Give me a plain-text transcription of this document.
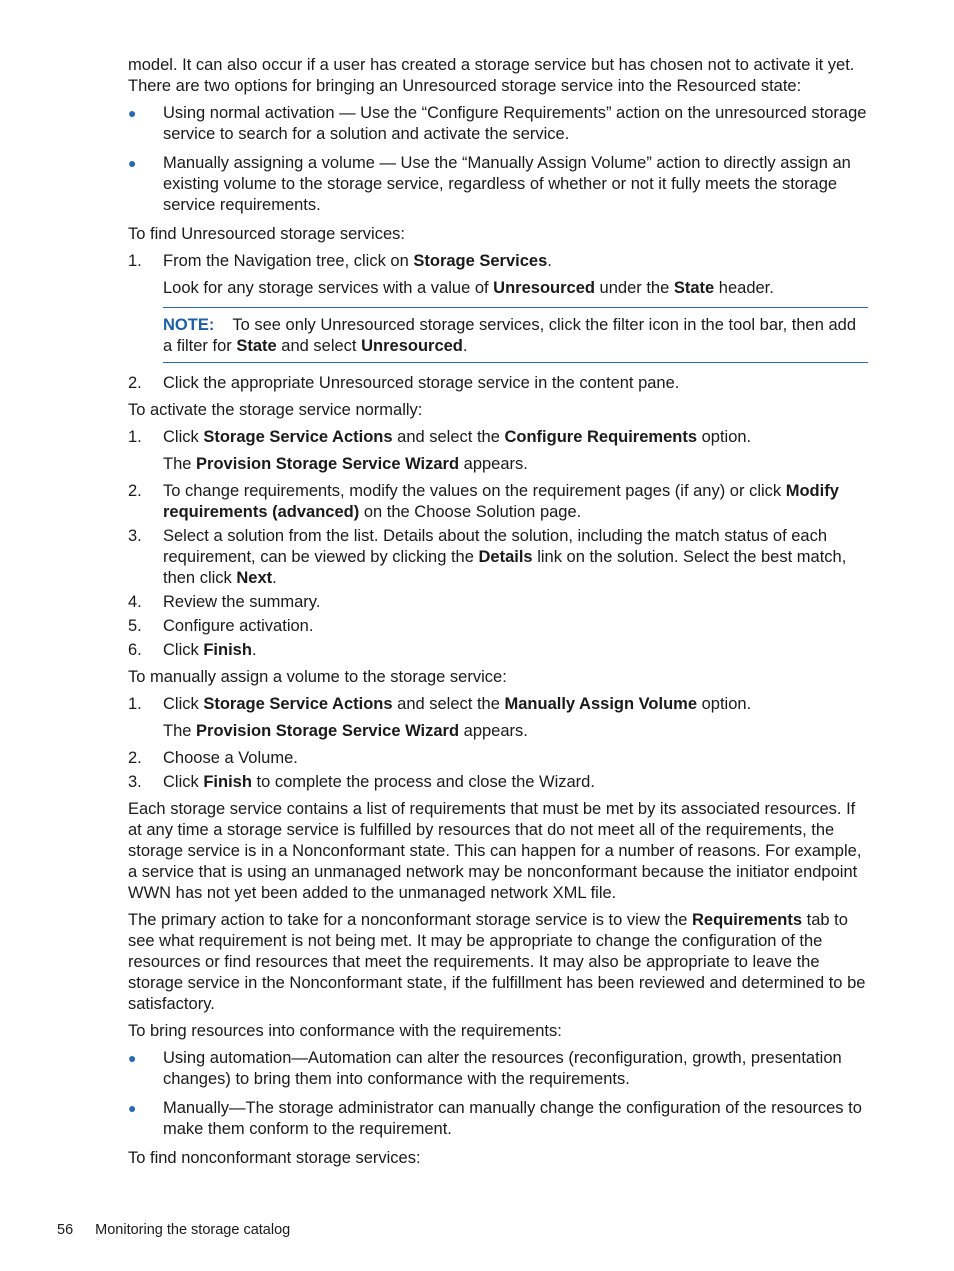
model. It can also occur if a user has created a storage service but has chosen not to activate it yet. There are two options for bringing an Unresourced storage service into the Resourced state:

● Using normal activation — Use the “Configure Requirements” action on the unresourced storage service to search for a solution and activate the service.
● Manually assigning a volume — Use the “Manually Assign Volume” action to directly assign an existing volume to the storage service, regardless of whether or not it fully meets the storage service requirements.

To find Unresourced storage services:

1. From the Navigation tree, click on Storage Services.

Look for any storage services with a value of Unresourced under the State header.

NOTE: To see only Unresourced storage services, click the filter icon in the tool bar, then add a filter for State and select Unresourced.
2. Click the appropriate Unresourced storage service in the content pane.

To activate the storage service normally:

1. Click Storage Service Actions and select the Configure Requirements option.

The Provision Storage Service Wizard appears.

2. To change requirements, modify the values on the requirement pages (if any) or click Modify requirements (advanced) on the Choose Solution page.
3. Select a solution from the list. Details about the solution, including the match status of each requirement, can be viewed by clicking the Details link on the solution. Select the best match, then click Next.
4. Review the summary.
5. Configure activation.
6. Click Finish.

To manually assign a volume to the storage service:

1. Click Storage Service Actions and select the Manually Assign Volume option.

The Provision Storage Service Wizard appears.

2. Choose a Volume.
3. Click Finish to complete the process and close the Wizard.

Each storage service contains a list of requirements that must be met by its associated resources. If at any time a storage service is fulfilled by resources that do not meet all of the requirements, the storage service is in a Nonconformant state. This can happen for a number of reasons. For example, a service that is using an unmanaged network may be nonconformant because the initiator endpoint WWN has not yet been added to the unmanaged network XML file.

The primary action to take for a nonconformant storage service is to view the Requirements tab to see what requirement is not being met. It may be appropriate to change the configuration of the resources or find resources that meet the requirements. It may also be appropriate to leave the storage service in the Nonconformant state, if the fulfillment has been reviewed and determined to be satisfactory.

To bring resources into conformance with the requirements:

● Using automation—Automation can alter the resources (reconfiguration, growth, presentation changes) to bring them into conformance with the requirements.
● Manually—The storage administrator can manually change the configuration of the resources to make them conform to the requirement.

To find nonconformant storage services:

56 Monitoring the storage catalog
